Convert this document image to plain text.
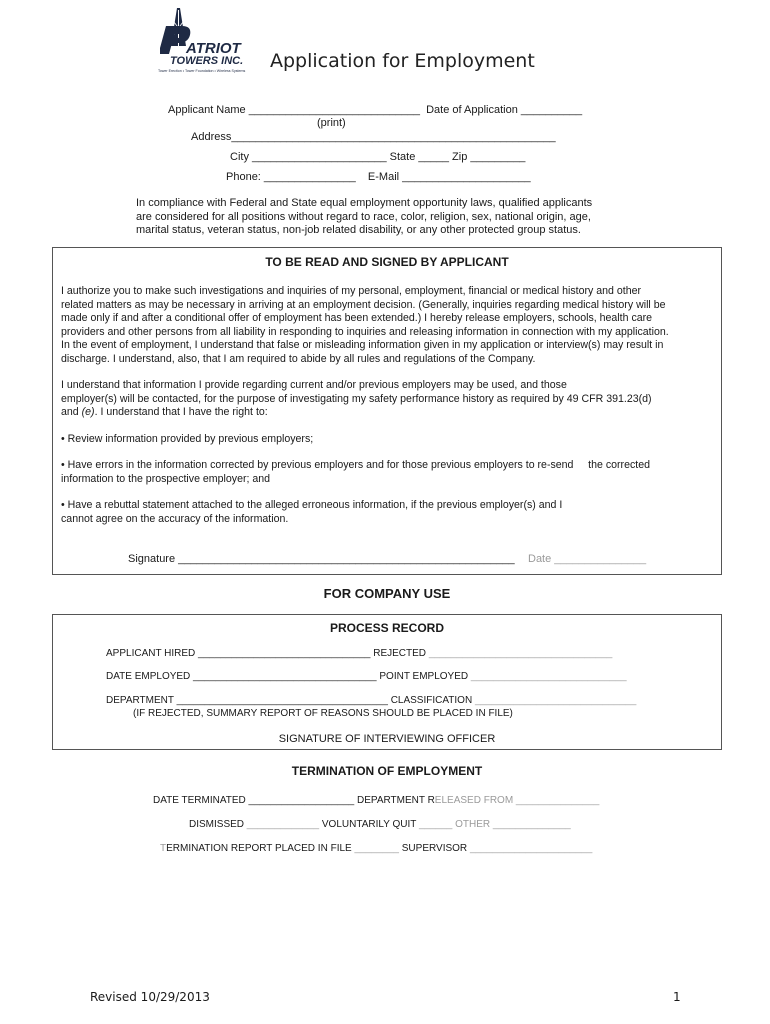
ATRIOT
TOWERS INC.
Tower Erection • Tower Foundation • Wireless Systems Application for Employment
Applicant Name ____________________________  Date of Application __________
(print)
Address_____________________________________________________
City ______________________ State _____ Zip _________
Phone: _______________    E-Mail _____________________
In compliance with Federal and State equal employment opportunity laws, qualified applicants
are considered for all positions without regard to race, color, religion, sex, national origin, age,
marital status, veteran status, non-job related disability, or any other protected group status.
TO BE READ AND SIGNED BY APPLICANT
I authorize you to make such investigations and inquiries of my personal, employment, financial or medical history and other
related matters as may be necessary in arriving at an employment decision. (Generally, inquiries regarding medical history will be
made only if and after a conditional offer of employment has been extended.) I hereby release employers, schools, health care
providers and other persons from all liability in responding to inquiries and releasing information in connection with my application.
In the event of employment, I understand that false or misleading information given in my application or interview(s) may result in
discharge. I understand, also, that I am required to abide by all rules and regulations of the Company.
I understand that information I provide regarding current and/or previous employers may be used, and those
employer(s) will be contacted, for the purpose of investigating my safety performance history as required by 49 CFR 391.23(d)
and (e). I understand that I have the right to:
• Review information provided by previous employers;
• Have errors in the information corrected by previous employers and for those previous employers to re-send     the corrected
information to the prospective employer; and
• Have a rebuttal statement attached to the alleged erroneous information, if the previous employer(s) and I
cannot agree on the accuracy of the information.
Signature _______________________________________________________ Date _______________
FOR COMPANY USE
PROCESS RECORD
APPLICANT HIRED _______________________________ REJECTED _________________________________
DATE EMPLOYED _________________________________ POINT EMPLOYED ____________________________
DEPARTMENT ______________________________________ CLASSIFICATION _____________________________
(IF REJECTED, SUMMARY REPORT OF REASONS SHOULD BE PLACED IN FILE)
SIGNATURE OF INTERVIEWING OFFICER
TERMINATION OF EMPLOYMENT
DATE TERMINATED ___________________ DEPARTMENT RELEASED FROM _______________
DISMISSED _____________ VOLUNTARILY QUIT ______ OTHER ______________
TERMINATION REPORT PLACED IN FILE ________ SUPERVISOR ______________________
Revised 10/29/2013	1
